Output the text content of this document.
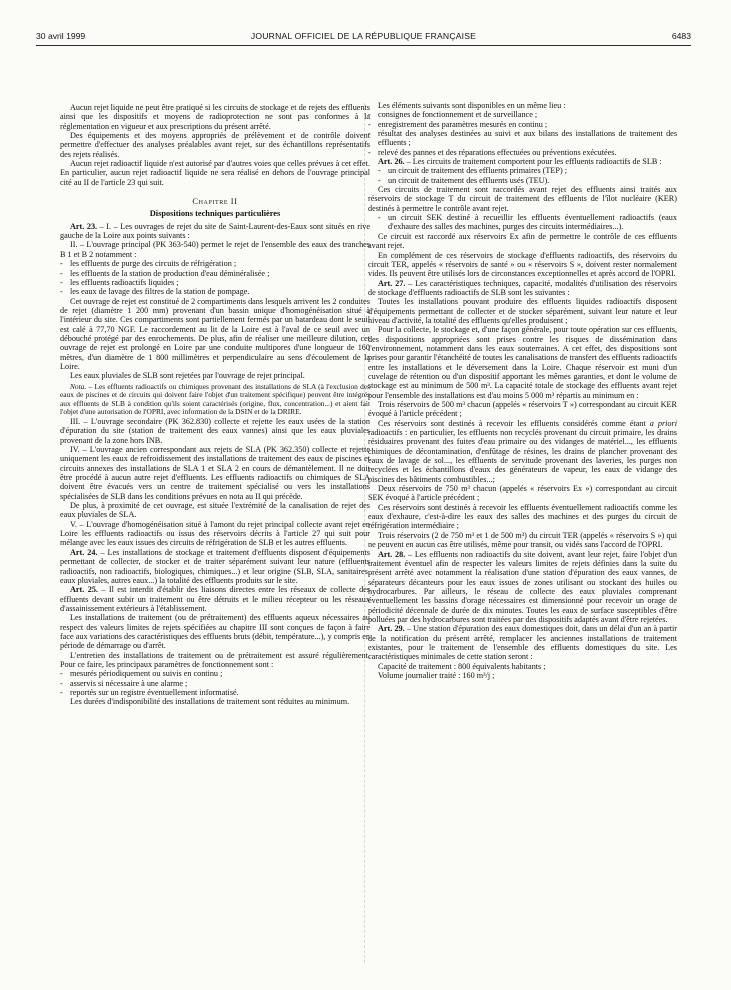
30 avril 1999	JOURNAL OFFICIEL DE LA RÉPUBLIQUE FRANÇAISE	6483

Aucun rejet liquide ne peut être pratiqué si les circuits de stockage et de rejets des effluents ainsi que les dispositifs et moyens de radioprotection ne sont pas conformes à la réglementation en vigueur et aux prescriptions du présent arrêté.

Des équipements et des moyens appropriés de prélèvement et de contrôle doivent permettre d'effectuer des analyses préalables avant rejet, sur des échantillons représentatifs des rejets réalisés.

Aucun rejet radioactif liquide n'est autorisé par d'autres voies que celles prévues à cet effet. En particulier, aucun rejet radioactif liquide ne sera réalisé en dehors de l'ouvrage principal cité au II de l'article 23 qui suit.

Chapitre II
Dispositions techniques particulières

Art. 23. – I. – Les ouvrages de rejet du site de Saint-Laurent-des-Eaux sont situés en rive gauche de la Loire aux points suivants :

II. – L'ouvrage principal (PK 363-540) permet le rejet de l'ensemble des eaux des tranches B 1 et B 2 notamment :

- les effluents de purge des circuits de réfrigération ;
- les effluents de la station de production d'eau déminéralisée ;
- les effluents radioactifs liquides ;
- les eaux de lavage des filtres de la station de pompage.

Cet ouvrage de rejet est constitué de 2 compartiments dans lesquels arrivent les 2 conduites de rejet (diamètre 1 200 mm) provenant d'un bassin unique d'homogénéisation situé à l'intérieur du site. Ces compartiments sont partiellement fermés par un batardeau dont le seuil est calé à 77,70 NGF. Le raccordement au lit de la Loire est à l'aval de ce seuil avec un débouché protégé par des enrochements. De plus, afin de réaliser une meilleure dilution, cet ouvrage de rejet est prolongé en Loire par une conduite multipores d'une longueur de 160 mètres, d'un diamètre de 1 800 millimètres et perpendiculaire au sens d'écoulement de la Loire.

Les eaux pluviales de SLB sont rejetées par l'ouvrage de rejet principal.

Nota. – Les effluents radioactifs ou chimiques provenant des installations de SLA (à l'exclusion des eaux de piscines et de circuits qui doivent faire l'objet d'un traitement spécifique) peuvent être intégrés aux effluents de SLB à condition qu'ils soient caractérisés (origine, flux, concentration...) et aient fait l'objet d'une autorisation de l'OPRI, avec information de la DSIN et de la DRIRE.

III. – L'ouvrage secondaire (PK 362.830) collecte et rejette les eaux usées de la station d'épuration du site (station de traitement des eaux vannes) ainsi que les eaux pluviales provenant de la zone hors INB.

IV. – L'ouvrage ancien correspondant aux rejets de SLA (PK 362.350) collecte et rejette uniquement les eaux de refroidissement des installations de traitement des eaux de piscines et circuits annexes des installations de SLA 1 et SLA 2 en cours de démantèlement. Il ne doit être procédé à aucun autre rejet d'effluents. Les effluents radioactifs ou chimiques de SLA doivent être évacués vers un centre de traitement spécialisé ou vers les installations spécialisées de SLB dans les conditions prévues en nota au II qui précède.

De plus, à proximité de cet ouvrage, est située l'extrémité de la canalisation de rejet des eaux pluviales de SLA.

V. – L'ouvrage d'homogénéisation situé à l'amont du rejet principal collecte avant rejet en Loire les effluents radioactifs ou issus des réservoirs décrits à l'article 27 qui suit pour mélange avec les eaux issues des circuits de réfrigération de SLB et les autres effluents.

Art. 24. – Les installations de stockage et traitement d'effluents disposent d'équipements permettant de collecter, de stocker et de traiter séparément suivant leur nature (effluents radioactifs, non radioactifs, biologiques, chimiques...) et leur origine (SLB, SLA, sanitaires, eaux pluviales, autres eaux...) la totalité des effluents produits sur le site.

Art. 25. – Il est interdit d'établir des liaisons directes entre les réseaux de collecte des effluents devant subir un traitement ou être détruits et le milieu récepteur ou les réseaux d'assainissement extérieurs à l'établissement.

Les installations de traitement (ou de prétraitement) des effluents aqueux nécessaires au respect des valeurs limites de rejets spécifiées au chapitre III sont conçues de façon à faire face aux variations des caractéristiques des effluents bruts (débit, température...), y compris en période de démarrage ou d'arrêt.

L'entretien des installations de traitement ou de prétraitement est assuré régulièrement. Pour ce faire, les principaux paramètres de fonctionnement sont :

- mesurés périodiquement ou suivis en continu ;
- asservis si nécessaire à une alarme ;
- reportés sur un registre éventuellement informatisé.

Les durées d'indisponibilité des installations de traitement sont réduites au minimum.

Les éléments suivants sont disponibles en un même lieu :

- consignes de fonctionnement et de surveillance ;
- enregistrement des paramètres mesurés en continu ;
- résultat des analyses destinées au suivi et aux bilans des installations de traitement des effluents ;
- relevé des pannes et des réparations effectuées ou préventions exécutées.

Art. 26. – Les circuits de traitement comportent pour les effluents radioactifs de SLB :

- un circuit de traitement des effluents primaires (TEP) ;
- un circuit de traitement des effluents usés (TEU).

Ces circuits de traitement sont raccordés avant rejet des effluents ainsi traités aux réservoirs de stockage T du circuit de traitement des effluents de l'îlot nucléaire (KER) destinés à permettre le contrôle avant rejet.

- un circuit SEK destiné à recueillir les effluents éventuellement radioactifs (eaux d'exhaure des salles des machines, purges des circuits intermédiaires...).

Ce circuit est raccordé aux réservoirs Ex afin de permettre le contrôle de ces effluents avant rejet.

En complément de ces réservoirs de stockage d'effluents radioactifs, des réservoirs du circuit TER, appelés « réservoirs de santé » ou « réservoirs S », doivent rester normalement vides. Ils peuvent être utilisés lors de circonstances exceptionnelles et après accord de l'OPRI.

Art. 27. – Les caractéristiques techniques, capacité, modalités d'utilisation des réservoirs de stockage d'effluents radioactifs de SLB sont les suivantes :

Toutes les installations pouvant produire des effluents liquides radioactifs disposent d'équipements permettant de collecter et de stocker séparément, suivant leur nature et leur niveau d'activité, la totalité des effluents qu'elles produisent ;

Pour la collecte, le stockage et, d'une façon générale, pour toute opération sur ces effluents, des dispositions appropriées sont prises contre les risques de dissémination dans l'environnement, notamment dans les eaux souterraines. A cet effet, des dispositions sont prises pour garantir l'étanchéité de toutes les canalisations de transfert des effluents radioactifs entre les installations et le déversement dans la Loire. Chaque réservoir est muni d'un cuvelage de rétention ou d'un dispositif apportant les mêmes garanties, et dont le volume de stockage est au minimum de 500 m³. La capacité totale de stockage des effluents avant rejet pour l'ensemble des installations est d'au moins 5 000 m³ répartis au minimum en :

Trois réservoirs de 500 m³ chacun (appelés « réservoirs T ») correspondant au circuit KER évoqué à l'article précédent ;

Ces réservoirs sont destinés à recevoir les effluents considérés comme étant a priori radioactifs : en particulier, les effluents non recyclés provenant du circuit primaire, les drains résiduaires provenant des fuites d'eau primaire ou des vidanges de matériel..., les effluents chimiques de décontamination, d'enfûtage de résines, les drains de plancher provenant des eaux de lavage de sol..., les effluents de servitude provenant des laveries, les purges non recyclées et les échantillons d'eaux des générateurs de vapeur, les eaux de vidange des piscines des bâtiments combustibles...;

Deux réservoirs de 750 m³ chacun (appelés « réservoirs Ex ») correspondant au circuit SEK évoqué à l'article précédent ;

Ces réservoirs sont destinés à recevoir les effluents éventuellement radioactifs comme les eaux d'exhaure, c'est-à-dire les eaux des salles des machines et des purges du circuit de réfrigération intermédiaire ;

Trois réservoirs (2 de 750 m³ et 1 de 500 m³) du circuit TER (appelés « réservoirs S ») qui ne peuvent en aucun cas être utilisés, même pour transit, ou vidés sans l'accord de l'OPRI.

Art. 28. – Les effluents non radioactifs du site doivent, avant leur rejet, faire l'objet d'un traitement éventuel afin de respecter les valeurs limites de rejets définies dans la suite du présent arrêté avec notamment la réalisation d'une station d'épuration des eaux vannes, de séparateurs décanteurs pour les eaux issues de zones utilisant ou stockant des huiles ou hydrocarbures. Par ailleurs, le réseau de collecte des eaux pluviales comprenant éventuellement les bassins d'orage nécessaires est dimensionné pour recevoir un orage de périodicité décennale de durée de dix minutes. Toutes les eaux de surface susceptibles d'être polluées par des hydrocarbures sont traitées par des dispositifs adaptés avant d'être rejetées.

Art. 29. – Une station d'épuration des eaux domestiques doit, dans un délai d'un an à partir de la notification du présent arrêté, remplacer les anciennes installations de traitement existantes, pour le traitement de l'ensemble des effluents domestiques du site. Les caractéristiques minimales de cette station seront :

Capacité de traitement : 800 équivalents habitants ;

Volume journalier traité : 160 m³/j ;
